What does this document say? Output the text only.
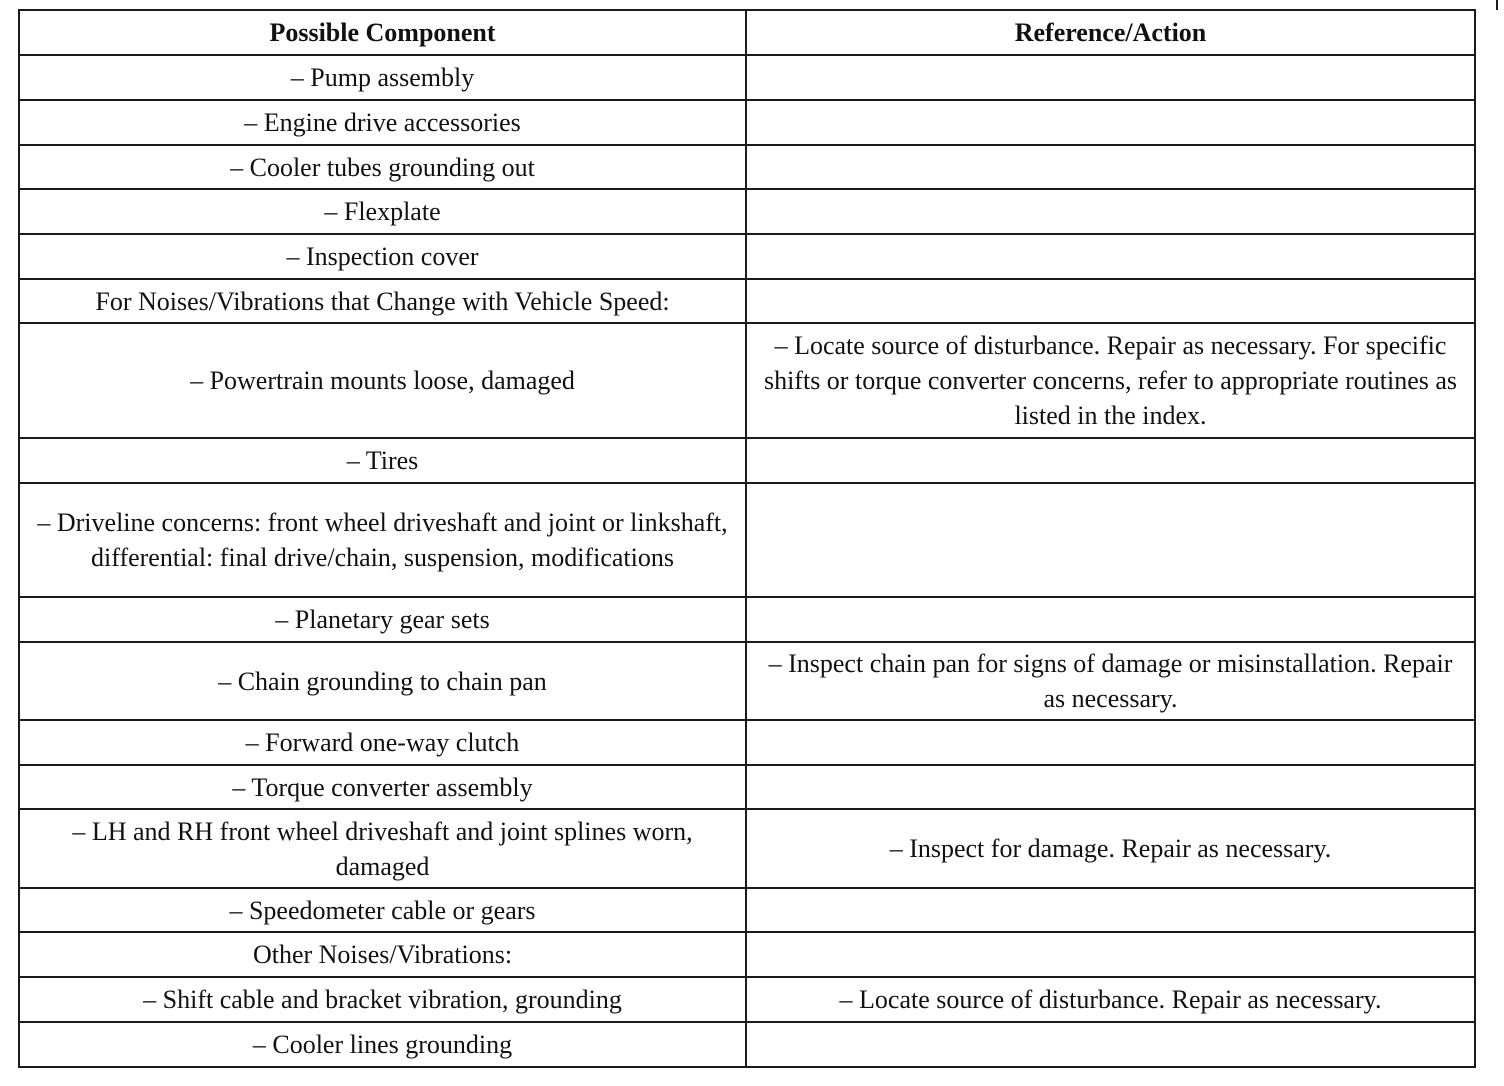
Possible Component	Reference/Action
– Pump assembly	
– Engine drive accessories	
– Cooler tubes grounding out	
– Flexplate	
– Inspection cover	
For Noises/Vibrations that Change with Vehicle Speed:	
– Powertrain mounts loose, damaged	– Locate source of disturbance. Repair as necessary. For specific shifts or torque converter concerns, refer to appropriate routines as listed in the index.
– Tires	
– Driveline concerns: front wheel driveshaft and joint or linkshaft, differential: final drive/chain, suspension, modifications	
– Planetary gear sets	
– Chain grounding to chain pan	– Inspect chain pan for signs of damage or misinstallation. Repair as necessary.
– Forward one-way clutch	
– Torque converter assembly	
– LH and RH front wheel driveshaft and joint splines worn, damaged	– Inspect for damage. Repair as necessary.
– Speedometer cable or gears	
Other Noises/Vibrations:	
– Shift cable and bracket vibration, grounding	– Locate source of disturbance. Repair as necessary.
– Cooler lines grounding	
